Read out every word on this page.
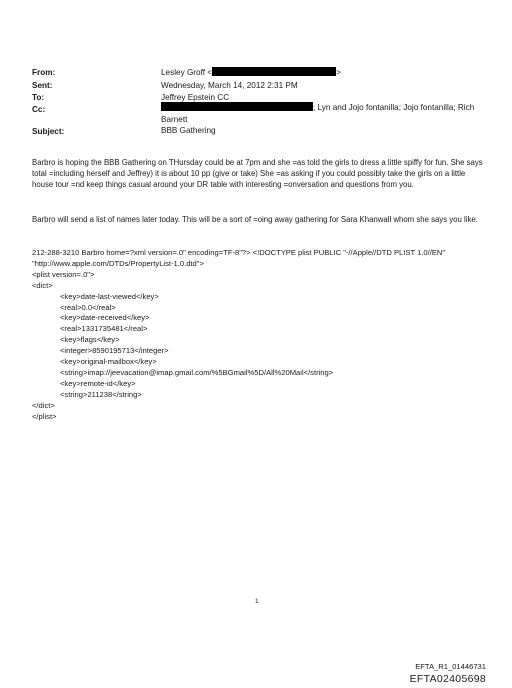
From:	Lesley Groff <	>
Sent:	Wednesday, March 14, 2012 2:31 PM
To:	Jeffrey Epstein CC
Cc:	; Lyn and Jojo fontanilla; Jojo fontanilla; Rich
Barnett
Subject:	BBB Gathering
Barbro is hoping the BBB Gathering on THursday could be at 7pm and she =as told the girls to dress a little spiffy for fun. She says total =including herself and Jeffrey) it is about 10 pp (give or take) She =as asking if you could possibly take the girls on a little house tour =nd keep things casual around your DR table with interesting =onversation and questions from you.
Barbro will send a list of names later today. This will be a sort of =oing away gathering for Sara Khanwall whom she says you like.
212-288-3210 Barbro home=?xml version=.0" encoding=TF-8"?> <!DOCTYPE plist PUBLIC "-//Apple//DTD PLIST 1.0//EN"
"http://www.apple.com/DTDs/PropertyList-1.0.dtd">
<plist version=.0">
<dict>
<key>date-last-viewed</key>
<real>0.0</real>
<key>date-received</key>
<real>1331735481</real>
<key>flags</key>
<integer>8590195713</integer>
<key>original-mailbox</key>
<string>imap://jeevacation@imap.gmail.com/%5BGmail%5D/All%20Mail</string>
<key>remote-id</key>
<string>211238</string>
</dict>
</plist>
1
EFTA_R1_01446731
EFTA02405698
